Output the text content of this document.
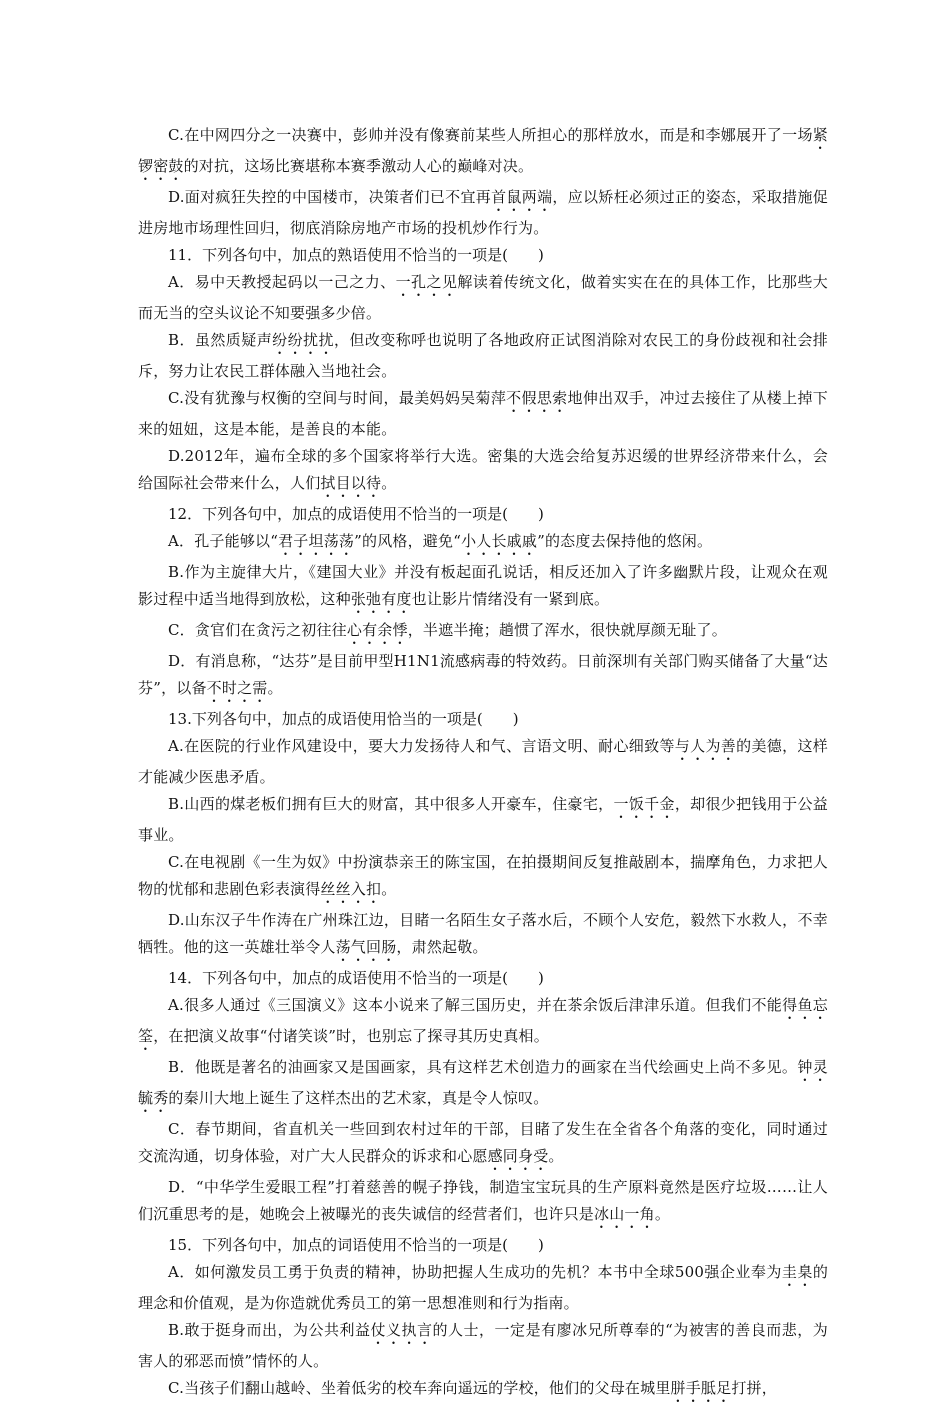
C.在中网四分之一决赛中，彭帅并没有像赛前某些人所担心的那样放水，而是和李娜展开了一场紧锣密鼓的对抗，这场比赛堪称本赛季激动人心的巅峰对决。

D.面对疯狂失控的中国楼市，决策者们已不宜再首鼠两端，应以矫枉必须过正的姿态，采取措施促进房地市场理性回归，彻底消除房地产市场的投机炒作行为。

11．下列各句中，加点的熟语使用不恰当的一项是(　　)

A．易中天教授起码以一己之力、一孔之见解读着传统文化，做着实实在在的具体工作，比那些大而无当的空头议论不知要强多少倍。

B．虽然质疑声纷纷扰扰，但改变称呼也说明了各地政府正试图消除对农民工的身份歧视和社会排斥，努力让农民工群体融入当地社会。

C.没有犹豫与权衡的空间与时间，最美妈妈吴菊萍不假思索地伸出双手，冲过去接住了从楼上掉下来的妞妞，这是本能，是善良的本能。

D.2012年，遍布全球的多个国家将举行大选。密集的大选会给复苏迟缓的世界经济带来什么，会给国际社会带来什么，人们拭目以待。

12．下列各句中，加点的成语使用不恰当的一项是(　　)

A．孔子能够以“君子坦荡荡”的风格，避免“小人长戚戚”的态度去保持他的悠闲。

B.作为主旋律大片，《建国大业》并没有板起面孔说话，相反还加入了许多幽默片段，让观众在观影过程中适当地得到放松，这种张弛有度也让影片情绪没有一紧到底。

C．贪官们在贪污之初往往心有余悸，半遮半掩；趟惯了浑水，很快就厚颜无耻了。

D．有消息称，“达芬”是目前甲型H1N1流感病毒的特效药。日前深圳有关部门购买储备了大量“达芬”，以备不时之需。

13.下列各句中，加点的成语使用恰当的一项是(　　)

A.在医院的行业作风建设中，要大力发扬待人和气、言语文明、耐心细致等与人为善的美德，这样才能减少医患矛盾。

B.山西的煤老板们拥有巨大的财富，其中很多人开豪车，住豪宅，一饭千金，却很少把钱用于公益事业。

C.在电视剧《一生为奴》中扮演恭亲王的陈宝国，在拍摄期间反复推敲剧本，揣摩角色，力求把人物的忧郁和悲剧色彩表演得丝丝入扣。

D.山东汉子牛作涛在广州珠江边，目睹一名陌生女子落水后，不顾个人安危，毅然下水救人，不幸牺牲。他的这一英雄壮举令人荡气回肠，肃然起敬。

14．下列各句中，加点的成语使用不恰当的一项是(　　)

A.很多人通过《三国演义》这本小说来了解三国历史，并在茶余饭后津津乐道。但我们不能得鱼忘筌，在把演义故事“付诸笑谈”时，也别忘了探寻其历史真相。

B．他既是著名的油画家又是国画家，具有这样艺术创造力的画家在当代绘画史上尚不多见。钟灵毓秀的秦川大地上诞生了这样杰出的艺术家，真是令人惊叹。

C．春节期间，省直机关一些回到农村过年的干部，目睹了发生在全省各个角落的变化，同时通过交流沟通，切身体验，对广大人民群众的诉求和心愿感同身受。

D．“中华学生爱眼工程”打着慈善的幌子挣钱，制造宝宝玩具的生产原料竟然是医疗垃圾……让人们沉重思考的是，她晚会上被曝光的丧失诚信的经营者们，也许只是冰山一角。

15．下列各句中，加点的词语使用不恰当的一项是(　　)

A．如何激发员工勇于负责的精神，协助把握人生成功的先机？本书中全球500强企业奉为圭臬的理念和价值观，是为你造就优秀员工的第一思想准则和行为指南。

B.敢于挺身而出，为公共利益仗义执言的人士，一定是有廖冰兄所尊奉的“为被害的善良而悲，为害人的邪恶而愤”情怀的人。

C.当孩子们翻山越岭、坐着低劣的校车奔向遥远的学校，他们的父母在城里胼手胝足打拼，
